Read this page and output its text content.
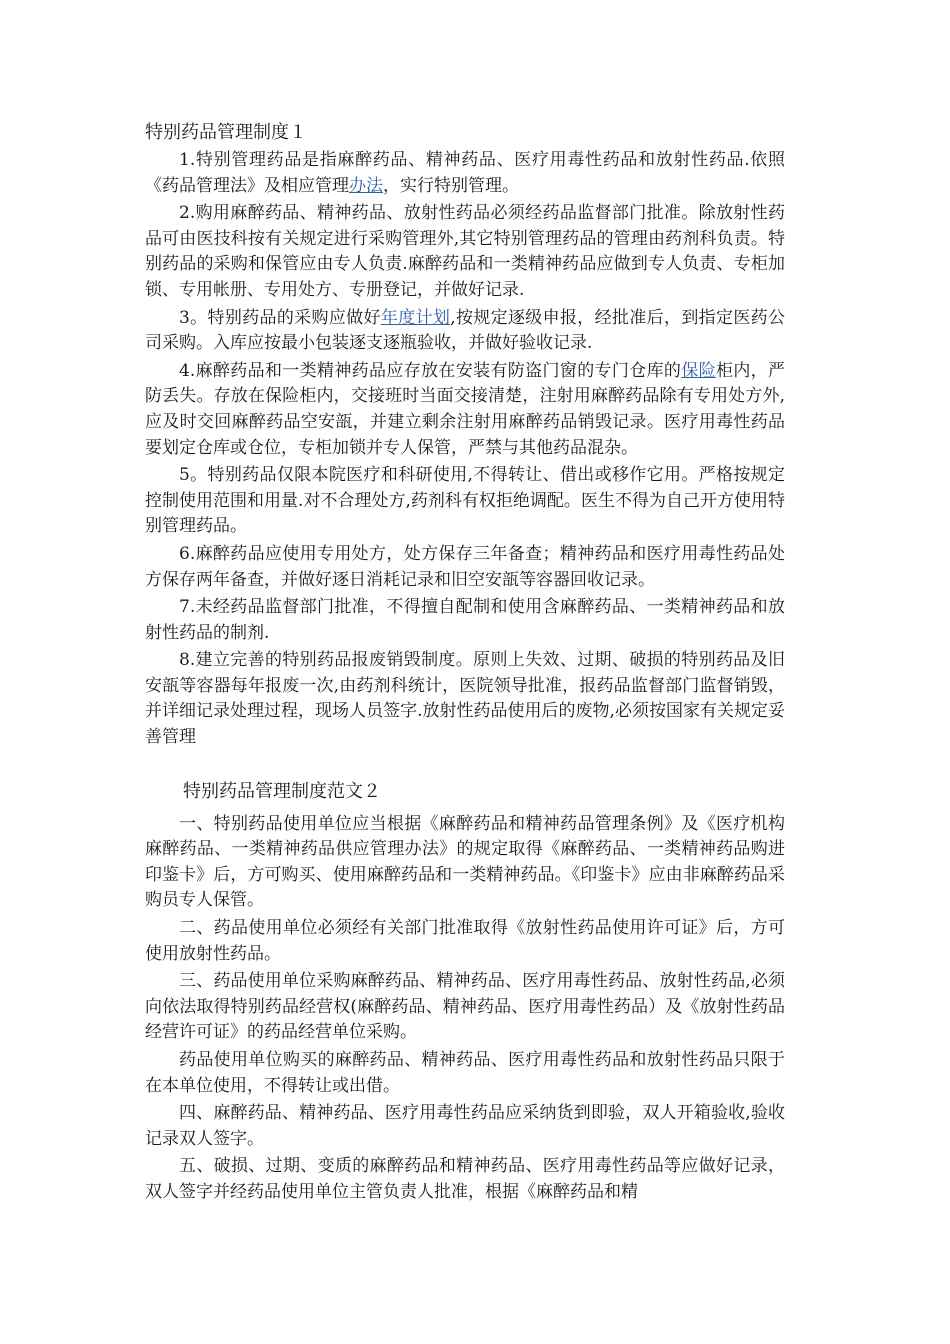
特别药品管理制度１

1.特别管理药品是指麻醉药品、精神药品、医疗用毒性药品和放射性药品.依照《药品管理法》及相应管理办法，实行特别管理。

2.购用麻醉药品、精神药品、放射性药品必须经药品监督部门批准。除放射性药品可由医技科按有关规定进行采购管理外,其它特别管理药品的管理由药剂科负责。特别药品的采购和保管应由专人负责.麻醉药品和一类精神药品应做到专人负责、专柜加锁、专用帐册、专用处方、专册登记，并做好记录.

3。特别药品的采购应做好年度计划,按规定逐级申报，经批准后，到指定医药公司采购。入库应按最小包装逐支逐瓶验收，并做好验收记录.

4.麻醉药品和一类精神药品应存放在安装有防盗门窗的专门仓库的保险柜内，严防丢失。存放在保险柜内，交接班时当面交接清楚，注射用麻醉药品除有专用处方外,应及时交回麻醉药品空安瓿，并建立剩余注射用麻醉药品销毁记录。医疗用毒性药品要划定仓库或仓位，专柜加锁并专人保管，严禁与其他药品混杂。

5。特别药品仅限本院医疗和科研使用,不得转让、借出或移作它用。严格按规定控制使用范围和用量.对不合理处方,药剂科有权拒绝调配。医生不得为自己开方使用特别管理药品。

6.麻醉药品应使用专用处方，处方保存三年备查；精神药品和医疗用毒性药品处方保存两年备查，并做好逐日消耗记录和旧空安瓿等容器回收记录。

7.未经药品监督部门批准，不得擅自配制和使用含麻醉药品、一类精神药品和放射性药品的制剂.

8.建立完善的特别药品报废销毁制度。原则上失效、过期、破损的特别药品及旧安瓿等容器每年报废一次,由药剂科统计，医院领导批准，报药品监督部门监督销毁，并详细记录处理过程，现场人员签字.放射性药品使用后的废物,必须按国家有关规定妥善管理

特别药品管理制度范文２

一、特别药品使用单位应当根据《麻醉药品和精神药品管理条例》及《医疗机构麻醉药品、一类精神药品供应管理办法》的规定取得《麻醉药品、一类精神药品购进印鉴卡》后，方可购买、使用麻醉药品和一类精神药品。《印鉴卡》应由非麻醉药品采购员专人保管。

二、药品使用单位必须经有关部门批准取得《放射性药品使用许可证》后，方可使用放射性药品。

三、药品使用单位采购麻醉药品、精神药品、医疗用毒性药品、放射性药品,必须向依法取得特别药品经营权(麻醉药品、精神药品、医疗用毒性药品）及《放射性药品经营许可证》的药品经营单位采购。

药品使用单位购买的麻醉药品、精神药品、医疗用毒性药品和放射性药品只限于在本单位使用，不得转让或出借。

四、麻醉药品、精神药品、医疗用毒性药品应采纳货到即验，双人开箱验收,验收记录双人签字。

五、破损、过期、变质的麻醉药品和精神药品、医疗用毒性药品等应做好记录，双人签字并经药品使用单位主管负责人批准，根据《麻醉药品和精
